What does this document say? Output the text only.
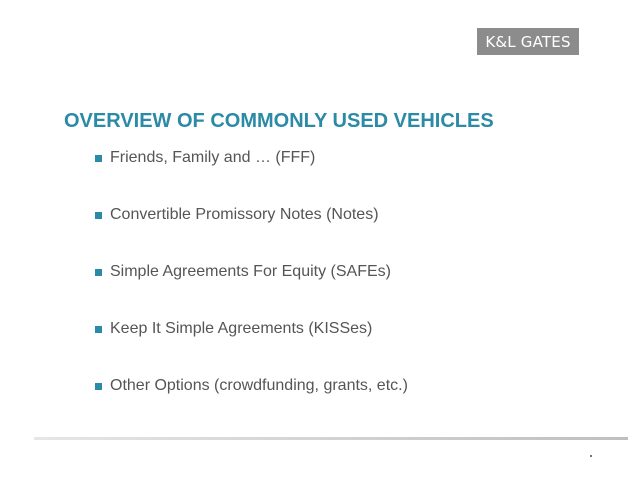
K&L GATES
OVERVIEW OF COMMONLY USED VEHICLES
Friends, Family and … (FFF)
Convertible Promissory Notes (Notes)
Simple Agreements For Equity (SAFEs)
Keep It Simple Agreements (KISSes)
Other Options (crowdfunding, grants, etc.)
